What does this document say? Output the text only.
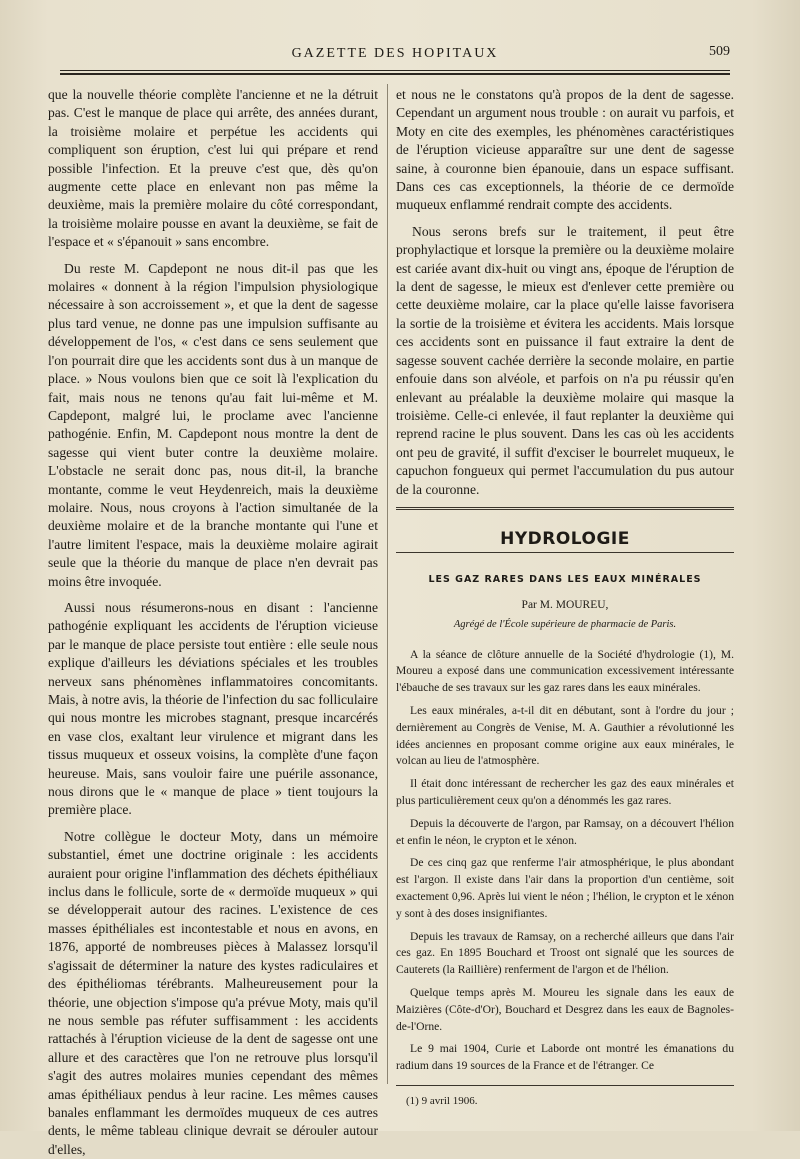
GAZETTE DES HOPITAUX	509

que la nouvelle théorie complète l'ancienne et ne la détruit pas. C'est le manque de place qui arrête, des années durant, la troisième molaire et perpétue les accidents qui compliquent son éruption, c'est lui qui prépare et rend possible l'infection. Et la preuve c'est que, dès qu'on augmente cette place en enlevant non pas même la deuxième, mais la première molaire du côté correspondant, la troisième molaire pousse en avant la deuxième, se fait de l'espace et « s'épanouit » sans encombre.

Du reste M. Capdepont ne nous dit-il pas que les molaires « donnent à la région l'impulsion physiologique nécessaire à son accroissement », et que la dent de sagesse plus tard venue, ne donne pas une impulsion suffisante au développement de l'os, « c'est dans ce sens seulement que l'on pourrait dire que les accidents sont dus à un manque de place. » Nous voulons bien que ce soit là l'explication du fait, mais nous ne tenons qu'au fait lui-même et M. Capdepont, malgré lui, le proclame avec l'ancienne pathogénie. Enfin, M. Capdepont nous montre la dent de sagesse qui vient buter contre la deuxième molaire. L'obstacle ne serait donc pas, nous dit-il, la branche montante, comme le veut Heydenreich, mais la deuxième molaire. Nous, nous croyons à l'action simultanée de la deuxième molaire et de la branche montante qui l'une et l'autre limitent l'espace, mais la deuxième molaire agirait seule que la théorie du manque de place n'en devrait pas moins être invoquée.

Aussi nous résumerons-nous en disant : l'ancienne pathogénie expliquant les accidents de l'éruption vicieuse par le manque de place persiste tout entière : elle seule nous explique d'ailleurs les déviations spéciales et les troubles nerveux sans phénomènes inflammatoires concomitants. Mais, à notre avis, la théorie de l'infection du sac folliculaire qui nous montre les microbes stagnant, presque incarcérés en vase clos, exaltant leur virulence et migrant dans les tissus muqueux et osseux voisins, la complète d'une façon heureuse. Mais, sans vouloir faire une puérile assonance, nous dirons que le « manque de place » tient toujours la première place.

Notre collègue le docteur Moty, dans un mémoire substantiel, émet une doctrine originale : les accidents auraient pour origine l'inflammation des déchets épithéliaux inclus dans le follicule, sorte de « dermoïde muqueux » qui se développerait autour des racines. L'existence de ces masses épithéliales est incontestable et nous en avons, en 1876, apporté de nombreuses pièces à Malassez lorsqu'il s'agissait de déterminer la nature des kystes radiculaires et des épithéliomas térébrants. Malheureusement pour la théorie, une objection s'impose qu'a prévue Moty, mais qu'il ne nous semble pas réfuter suffisamment : les accidents rattachés à l'éruption vicieuse de la dent de sagesse ont une allure et des caractères que l'on ne retrouve plus lorsqu'il s'agit des autres molaires munies cependant des mêmes amas épithéliaux pendus à leur racine. Les mêmes causes banales enflammant les dermoïdes muqueux de ces autres dents, le même tableau clinique devrait se dérouler autour d'elles,

et nous ne le constatons qu'à propos de la dent de sagesse. Cependant un argument nous trouble : on aurait vu parfois, et Moty en cite des exemples, les phénomènes caractéristiques de l'éruption vicieuse apparaître sur une dent de sagesse saine, à couronne bien épanouie, dans un espace suffisant. Dans ces cas exceptionnels, la théorie de ce dermoïde muqueux enflammé rendrait compte des accidents.

Nous serons brefs sur le traitement, il peut être prophylactique et lorsque la première ou la deuxième molaire est cariée avant dix-huit ou vingt ans, époque de l'éruption de la dent de sagesse, le mieux est d'enlever cette première ou cette deuxième molaire, car la place qu'elle laisse favorisera la sortie de la troisième et évitera les accidents. Mais lorsque ces accidents sont en puissance il faut extraire la dent de sagesse souvent cachée derrière la seconde molaire, en partie enfouie dans son alvéole, et parfois on n'a pu réussir qu'en enlevant au préalable la deuxième molaire qui masque la troisième. Celle-ci enlevée, il faut replanter la deuxième qui reprend racine le plus souvent. Dans les cas où les accidents ont peu de gravité, il suffit d'exciser le bourrelet muqueux, le capuchon fongueux qui permet l'accumulation du pus autour de la couronne.

HYDROLOGIE
LES GAZ RARES DANS LES EAUX MINÉRALES
Par M. MOUREU,
Agrégé de l'École supérieure de pharmacie de Paris.

A la séance de clôture annuelle de la Société d'hydrologie (1), M. Moureu a exposé dans une communication excessivement intéressante l'ébauche de ses travaux sur les gaz rares dans les eaux minérales.

Les eaux minérales, a-t-il dit en débutant, sont à l'ordre du jour ; dernièrement au Congrès de Venise, M. A. Gauthier a révolutionné les idées anciennes en proposant comme origine aux eaux minérales, le volcan au lieu de l'atmosphère.

Il était donc intéressant de rechercher les gaz des eaux minérales et plus particulièrement ceux qu'on a dénommés les gaz rares.

Depuis la découverte de l'argon, par Ramsay, on a découvert l'hélion et enfin le néon, le crypton et le xénon.

De ces cinq gaz que renferme l'air atmosphérique, le plus abondant est l'argon. Il existe dans l'air dans la proportion d'un centième, soit exactement 0,96. Après lui vient le néon ; l'hélion, le crypton et le xénon y sont à des doses insignifiantes.

Depuis les travaux de Ramsay, on a recherché ailleurs que dans l'air ces gaz. En 1895 Bouchard et Troost ont signalé que les sources de Cauterets (la Raillière) renferment de l'argon et de l'hélion.

Quelque temps après M. Moureu les signale dans les eaux de Maizières (Côte-d'Or), Bouchard et Desgrez dans les eaux de Bagnoles-de-l'Orne.

Le 9 mai 1904, Curie et Laborde ont montré les émanations du radium dans 19 sources de la France et de l'étranger. Ce

(1) 9 avril 1906.
